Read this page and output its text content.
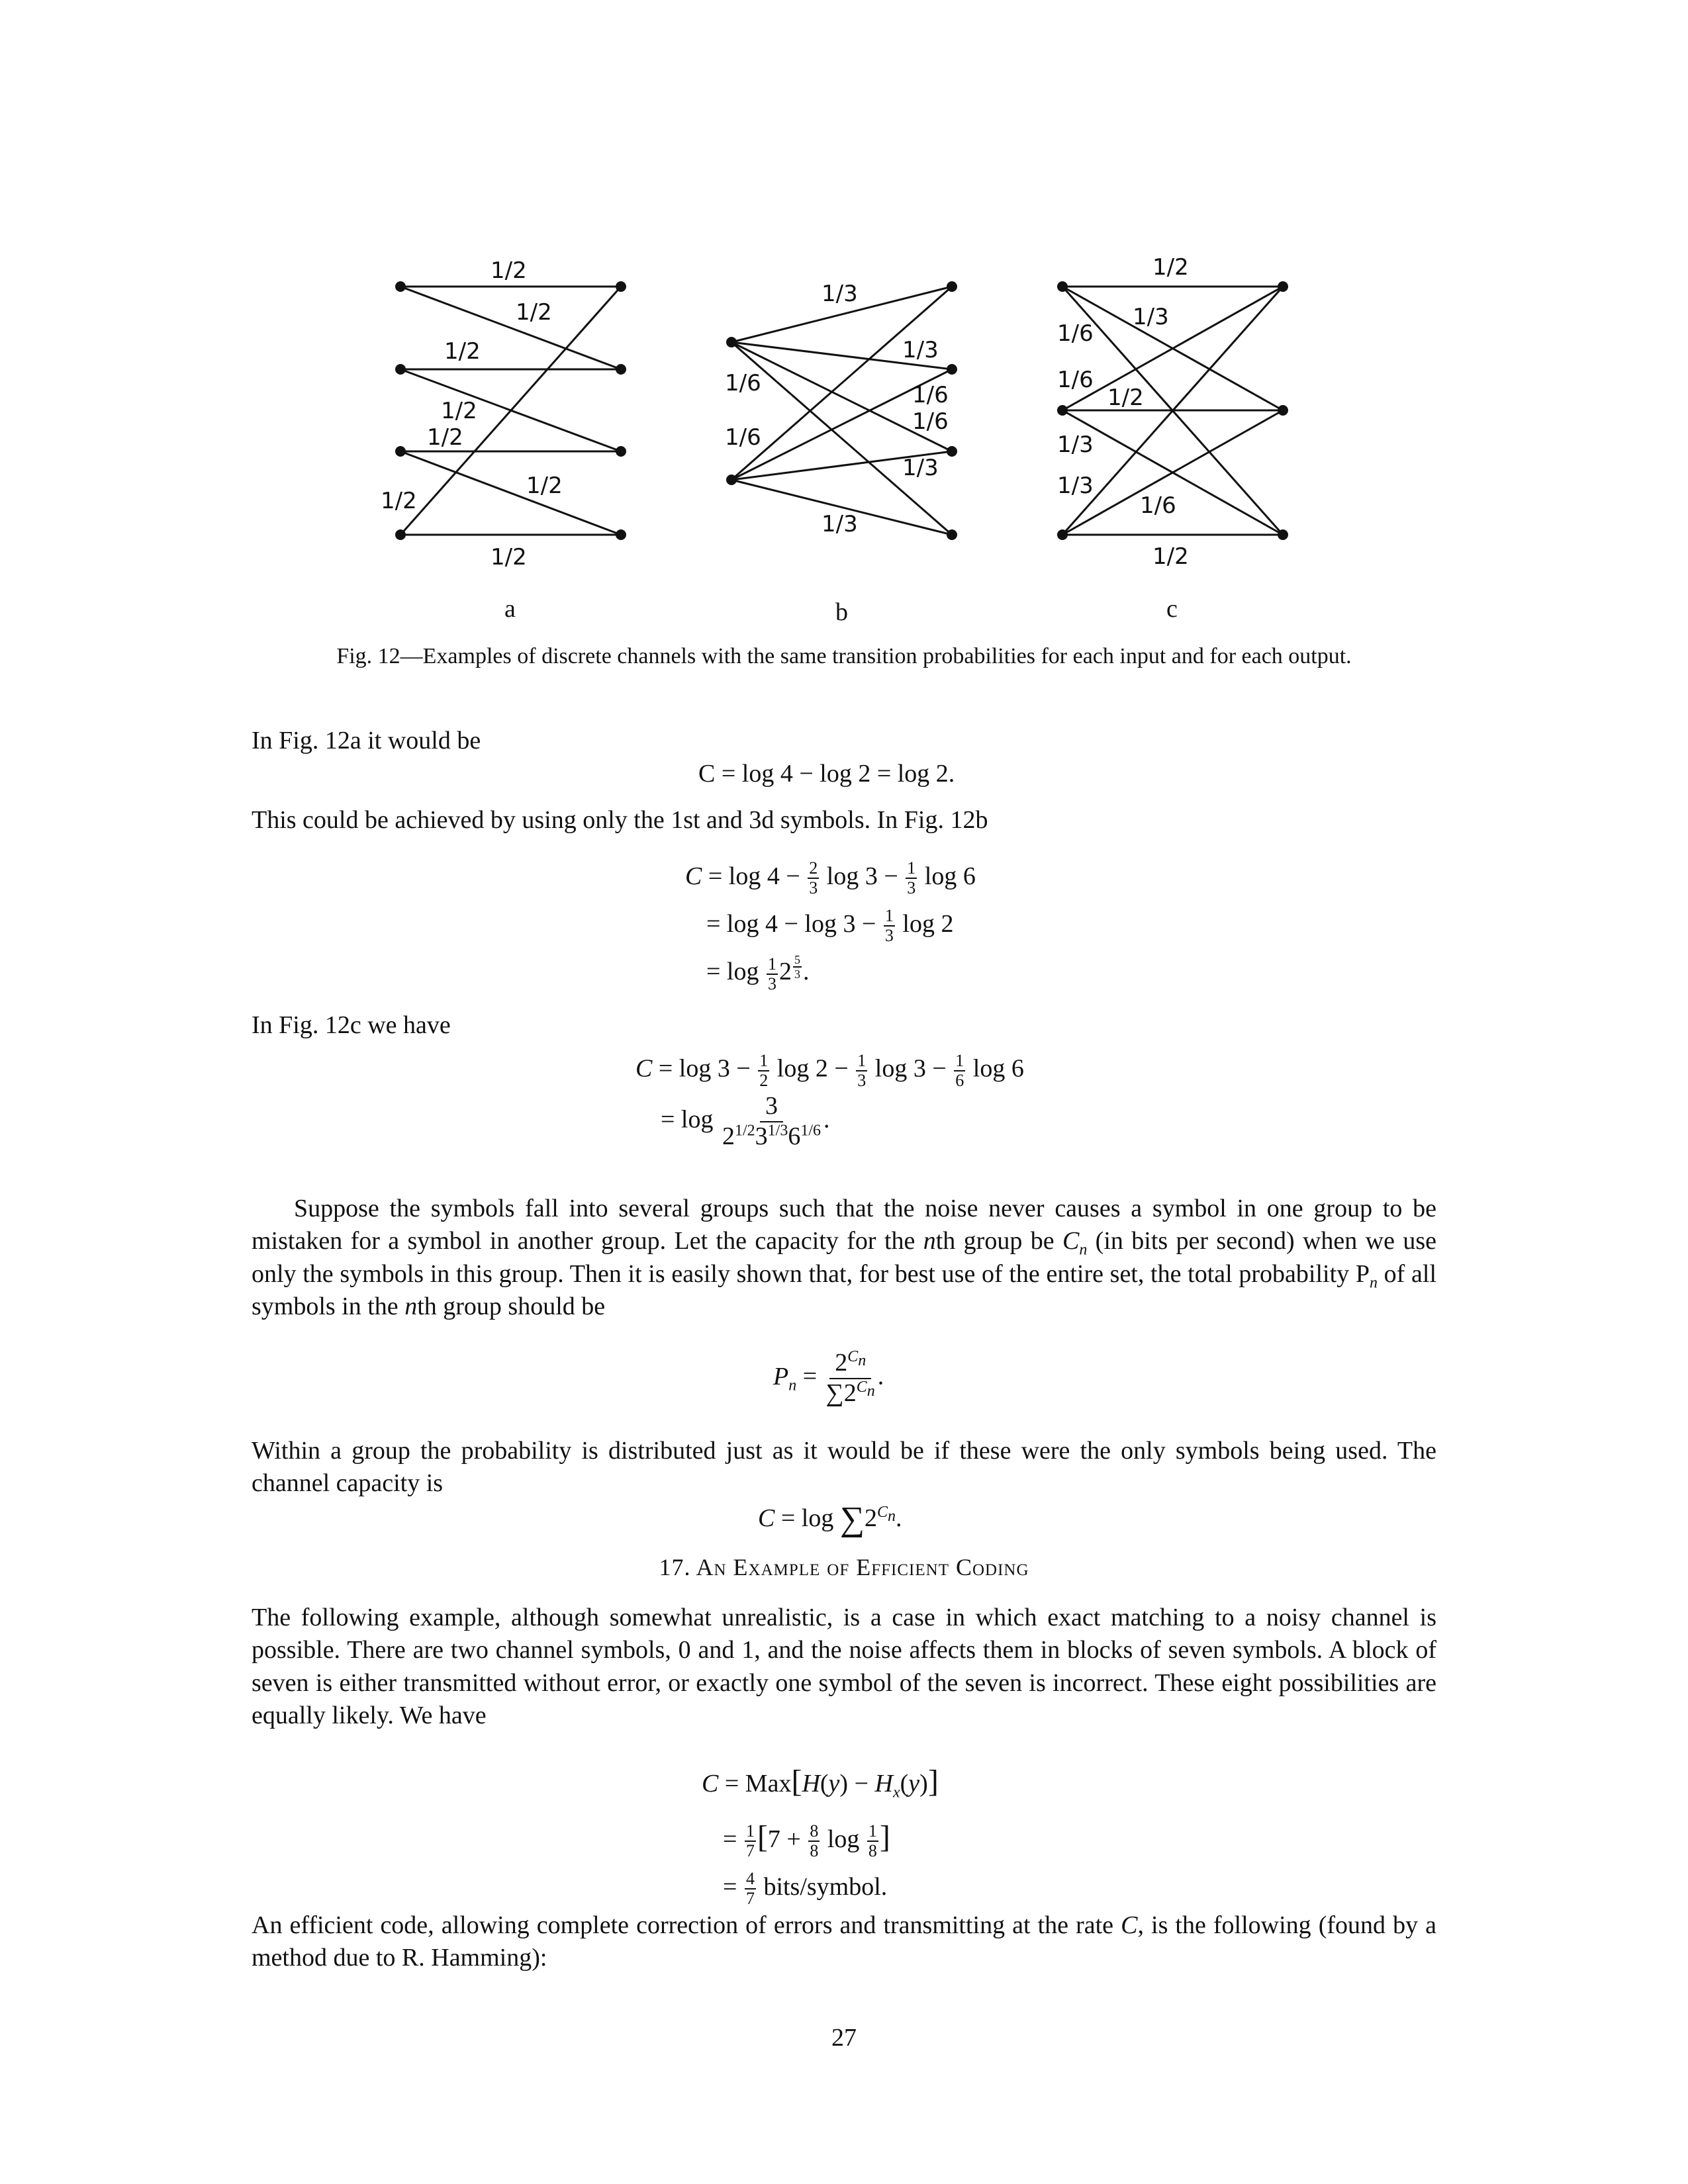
1/2
1/2
1/2
1/2
1/2
1/2
1/2
1/2
a
1/3
1/3
1/6	1/6
1/6
1/6
1/3
1/3
b
1/2
1/3
1/6
1/6
1/2
1/3
1/3
1/6
1/2
c
Fig. 12—Examples of discrete channels with the same transition probabilities for each input and for each output.
In Fig. 12a it would be
C = log 4 − log 2 = log 2.
This could be achieved by using only the 1st and 3d symbols. In Fig. 12b
$C = \log 4 - \frac{2}{3}$ $\log 3 - \frac{1}{3}$ log 6
= $\log 4 - \log 3 - \frac{1}{3}$ log 2
= $\log \frac{1}{3} 2$ $^{\frac{5}{3}}$ .
In Fig. 12c we have
$C = \log 3 - \frac{1}{2}$ $\log 2 - \frac{1}{3}$ $\log 3 - \frac{1}{6}$ log 6
= $\log \frac{3}{2^{1/2}3^{1/3}6^{1/6}}$ .
Suppose the symbols fall into several groups such that the noise never causes a symbol in one group to be mistaken for a symbol in another group. Let the capacity for the nth group be $C_n$ (in bits per second) when we use only the symbols in this group. Then it is easily shown that, for best use of the entire set, the total probability $P_n$ of all symbols in the nth group should be
$P_n = \frac{2^{C_n}}{\sum 2^{C_n}}$ .
Within a group the probability is distributed just as it would be if these were the only symbols being used. The channel capacity is
$C = \log \sum 2^{C_n}$.
17. An Example of Efficient Coding
The following example, although somewhat unrealistic, is a case in which exact matching to a noisy channel is possible. There are two channel symbols, 0 and 1, and the noise affects them in blocks of seven symbols. A block of seven is either transmitted without error, or exactly one symbol of the seven is incorrect. These eight possibilities are equally likely. We have
$C = Max[H(y) - H_x(y)]$
= $\frac{1}{7} [7 + \frac{8}{8}$ $\log \frac{1}{8}$ ]
= $\frac{4}{7}$ bits/symbol.
An efficient code, allowing complete correction of errors and transmitting at the rate C, is the following (found by a method due to R. Hamming):
27
